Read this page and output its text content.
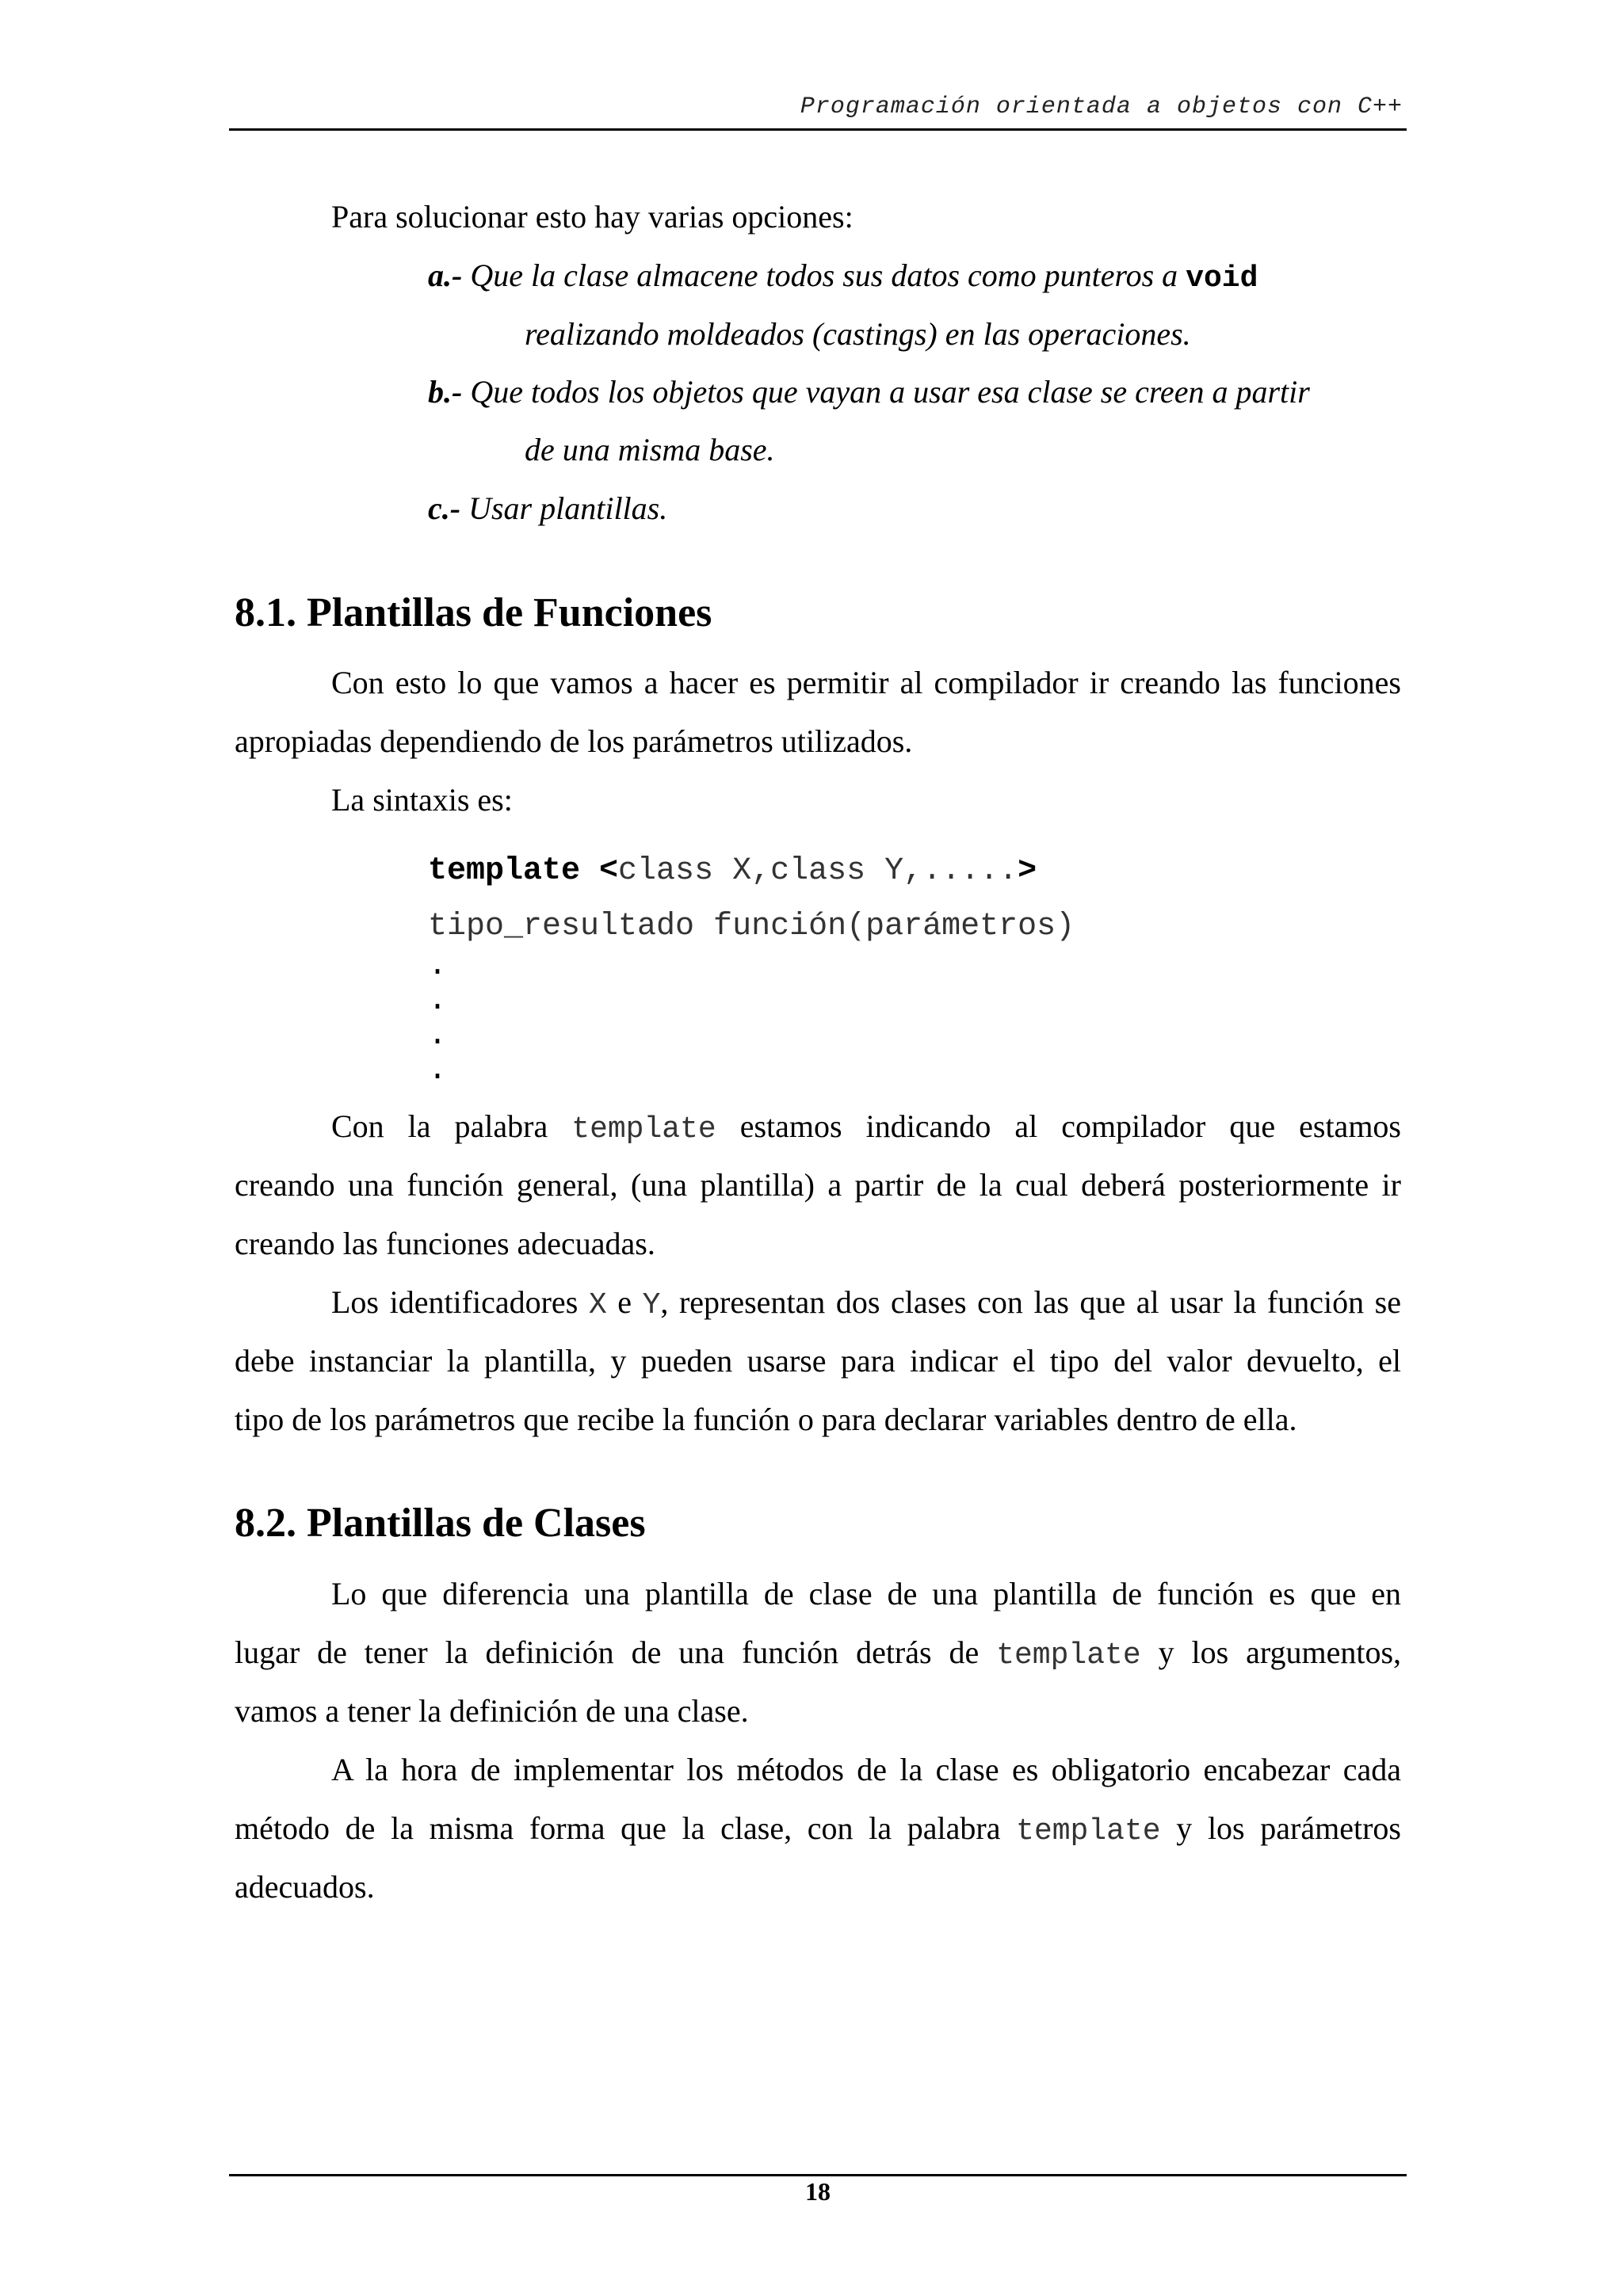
Programación orientada a objetos con C++
Para solucionar esto hay varias opciones:
a.- Que la clase almacene todos sus datos como punteros a void
realizando moldeados (castings) en las operaciones.
b.- Que todos los objetos que vayan a usar esa clase se creen a partir
de una misma base.
c.- Usar plantillas.
8.1. Plantillas de Funciones
Con esto lo que vamos a hacer es permitir al compilador ir creando las funciones
apropiadas dependiendo de los parámetros utilizados.
La sintaxis es:
template <class X,class Y,.....>
tipo_resultado función(parámetros)
.
.
.
.
Con la palabra template estamos indicando al compilador que estamos
creando una función general, (una plantilla) a partir de la cual deberá posteriormente ir
creando las funciones adecuadas.
Los identificadores X e Y, representan dos clases con las que al usar la función se
debe instanciar la plantilla, y pueden usarse para indicar el tipo del valor devuelto, el
tipo de los parámetros que recibe la función o para declarar variables dentro de ella.
8.2. Plantillas de Clases
Lo que diferencia una plantilla de clase de una plantilla de función es que en
lugar de tener la definición de una función detrás de template y los argumentos,
vamos a tener la definición de una clase.
A la hora de implementar los métodos de la clase es obligatorio encabezar cada
método de la misma forma que la clase, con la palabra template y los parámetros
adecuados.
18
